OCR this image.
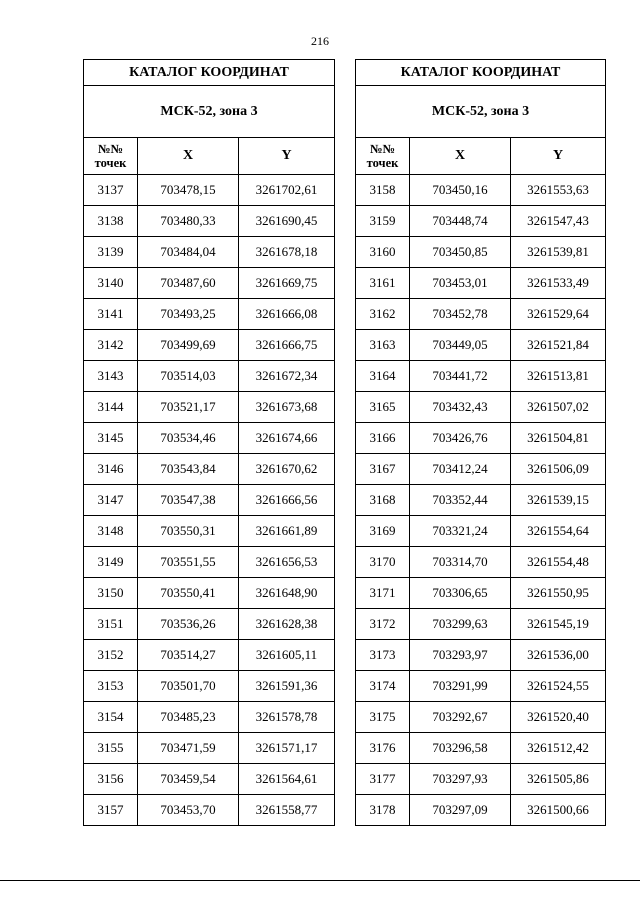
216
КАТАЛОГ КООРДИНАТ		
МСК-52, зона 3		
№№ точек	X	Y
3137	703478,15	3261702,61
3138	703480,33	3261690,45
3139	703484,04	3261678,18
3140	703487,60	3261669,75
3141	703493,25	3261666,08
3142	703499,69	3261666,75
3143	703514,03	3261672,34
3144	703521,17	3261673,68
3145	703534,46	3261674,66
3146	703543,84	3261670,62
3147	703547,38	3261666,56
3148	703550,31	3261661,89
3149	703551,55	3261656,53
3150	703550,41	3261648,90
3151	703536,26	3261628,38
3152	703514,27	3261605,11
3153	703501,70	3261591,36
3154	703485,23	3261578,78
3155	703471,59	3261571,17
3156	703459,54	3261564,61
3157	703453,70	3261558,77
КАТАЛОГ КООРДИНАТ		
МСК-52, зона 3		
№№ точек	X	Y
3158	703450,16	3261553,63
3159	703448,74	3261547,43
3160	703450,85	3261539,81
3161	703453,01	3261533,49
3162	703452,78	3261529,64
3163	703449,05	3261521,84
3164	703441,72	3261513,81
3165	703432,43	3261507,02
3166	703426,76	3261504,81
3167	703412,24	3261506,09
3168	703352,44	3261539,15
3169	703321,24	3261554,64
3170	703314,70	3261554,48
3171	703306,65	3261550,95
3172	703299,63	3261545,19
3173	703293,97	3261536,00
3174	703291,99	3261524,55
3175	703292,67	3261520,40
3176	703296,58	3261512,42
3177	703297,93	3261505,86
3178	703297,09	3261500,66
